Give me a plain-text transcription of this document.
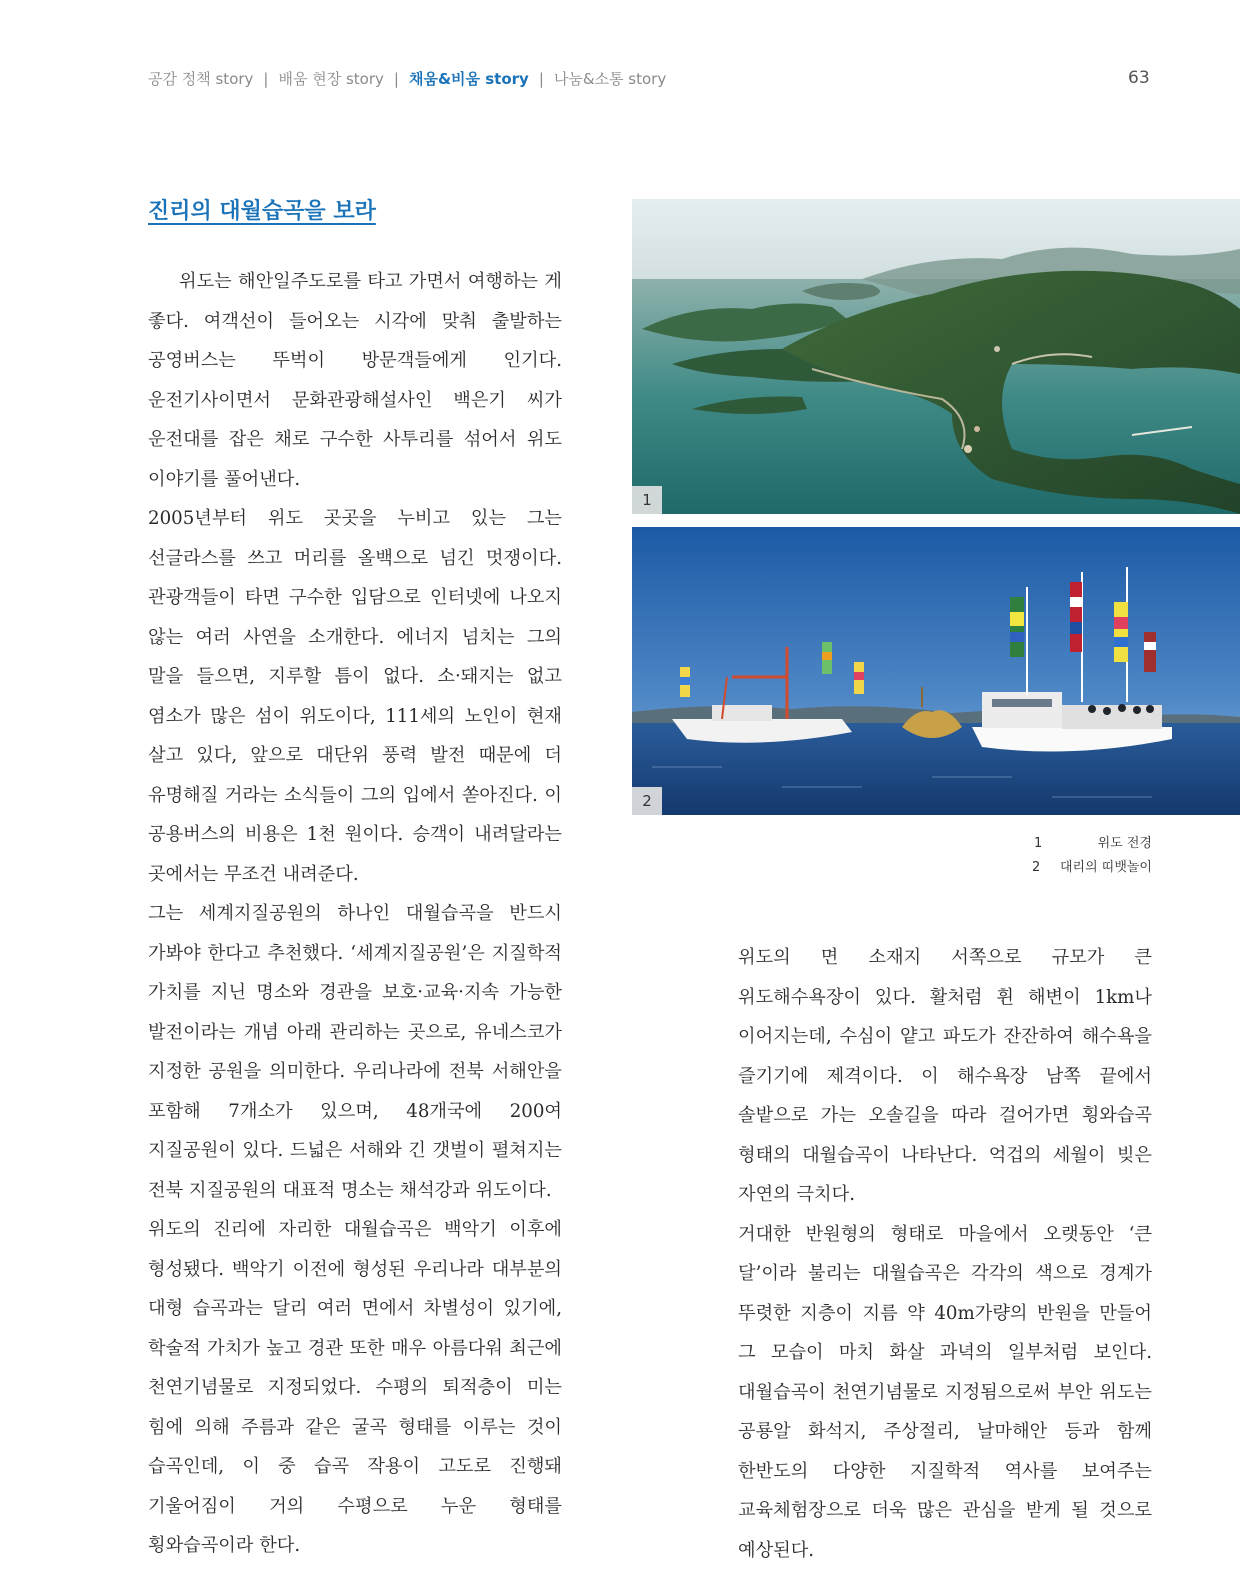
공감 정책 story | 배움 현장 story | 채움&비움 story | 나눔&소통 story	63
진리의 대월습곡을 보라

위도는 해안일주도로를 타고 가면서 여행하는 게 좋다. 여객선이 들어오는 시각에 맞춰 출발하는 공영버스는 뚜벅이 방문객들에게 인기다. 운전기사이면서 문화관광해설사인 백은기 씨가 운전대를 잡은 채로 구수한 사투리를 섞어서 위도 이야기를 풀어낸다.

2005년부터 위도 곳곳을 누비고 있는 그는 선글라스를 쓰고 머리를 올백으로 넘긴 멋쟁이다. 관광객들이 타면 구수한 입담으로 인터넷에 나오지 않는 여러 사연을 소개한다. 에너지 넘치는 그의 말을 들으면, 지루할 틈이 없다. 소·돼지는 없고 염소가 많은 섬이 위도이다, 111세의 노인이 현재 살고 있다, 앞으로 대단위 풍력 발전 때문에 더 유명해질 거라는 소식들이 그의 입에서 쏟아진다. 이 공용버스의 비용은 1천 원이다. 승객이 내려달라는 곳에서는 무조건 내려준다.

그는 세계지질공원의 하나인 대월습곡을 반드시 가봐야 한다고 추천했다. ‘세계지질공원’은 지질학적 가치를 지닌 명소와 경관을 보호·교육·지속 가능한 발전이라는 개념 아래 관리하는 곳으로, 유네스코가 지정한 공원을 의미한다. 우리나라에 전북 서해안을 포함해 7개소가 있으며, 48개국에 200여 지질공원이 있다. 드넓은 서해와 긴 갯벌이 펼쳐지는 전북 지질공원의 대표적 명소는 채석강과 위도이다.

위도의 진리에 자리한 대월습곡은 백악기 이후에 형성됐다. 백악기 이전에 형성된 우리나라 대부분의 대형 습곡과는 달리 여러 면에서 차별성이 있기에, 학술적 가치가 높고 경관 또한 매우 아름다워 최근에 천연기념물로 지정되었다. 수평의 퇴적층이 미는 힘에 의해 주름과 같은 굴곡 형태를 이루는 것이 습곡인데, 이 중 습곡 작용이 고도로 진행돼 기울어짐이 거의 수평으로 누운 형태를 횡와습곡이라 한다.

1
2
1	위도 전경
2	대리의 띠뱃놀이

위도의 면 소재지 서쪽으로 규모가 큰 위도해수욕장이 있다. 활처럼 휜 해변이 1km나 이어지는데, 수심이 얕고 파도가 잔잔하여 해수욕을 즐기기에 제격이다. 이 해수욕장 남쪽 끝에서 솔밭으로 가는 오솔길을 따라 걸어가면 횡와습곡 형태의 대월습곡이 나타난다. 억겁의 세월이 빚은 자연의 극치다.

거대한 반원형의 형태로 마을에서 오랫동안 ‘큰 달’이라 불리는 대월습곡은 각각의 색으로 경계가 뚜렷한 지층이 지름 약 40m가량의 반원을 만들어 그 모습이 마치 화살 과녁의 일부처럼 보인다. 대월습곡이 천연기념물로 지정됨으로써 부안 위도는 공룡알 화석지, 주상절리, 날마해안 등과 함께 한반도의 다양한 지질학적 역사를 보여주는 교육체험장으로 더욱 많은 관심을 받게 될 것으로 예상된다.
